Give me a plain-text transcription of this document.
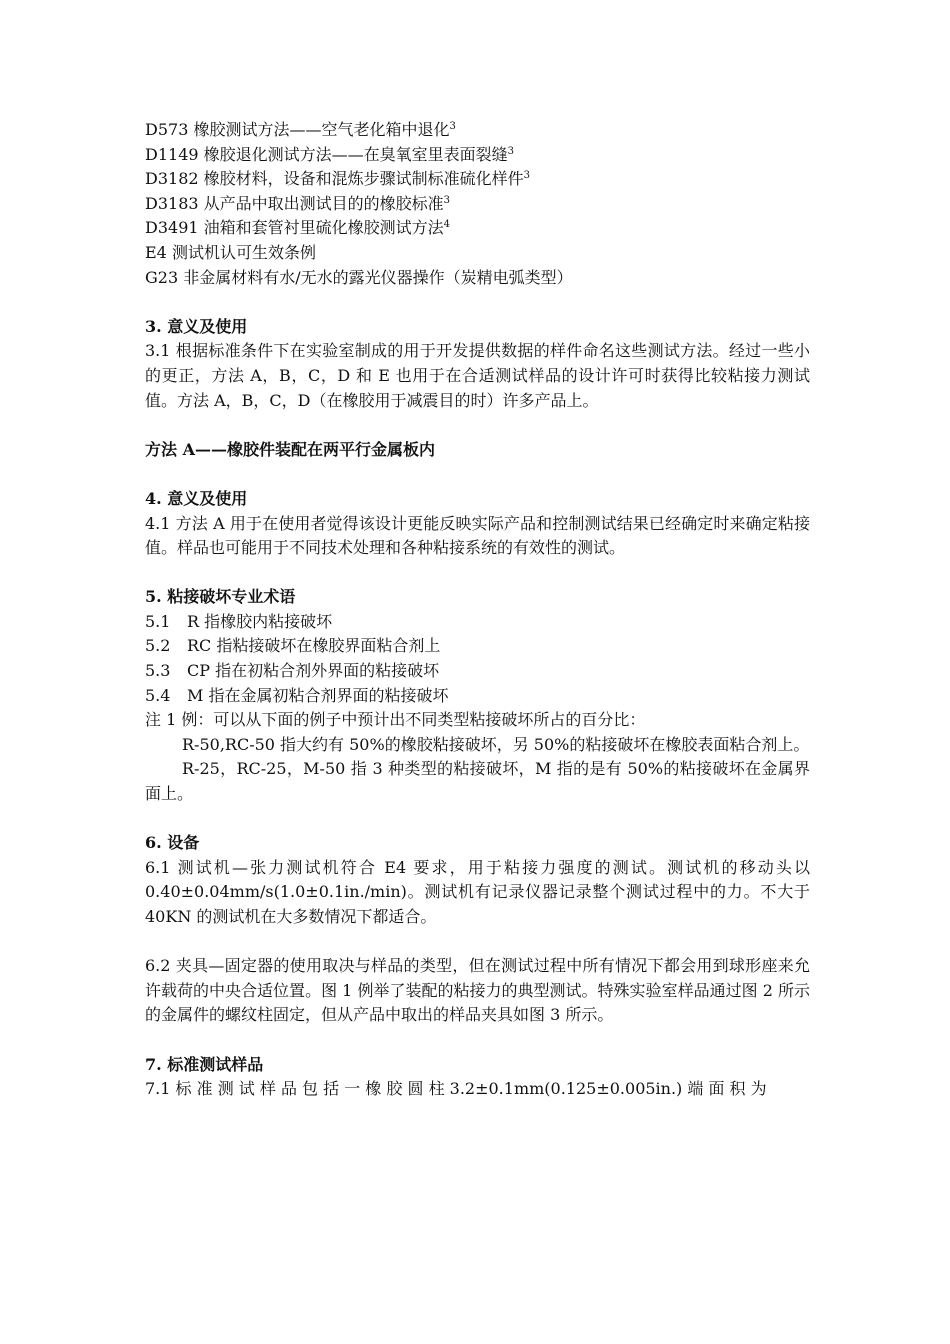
D573 橡胶测试方法——空气老化箱中退化$^3$
D1149 橡胶退化测试方法——在臭氧室里表面裂缝$^3$
D3182 橡胶材料，设备和混炼步骤试制标准硫化样件$^3$
D3183 从产品中取出测试目的的橡胶标准$^3$
D3491 油箱和套管衬里硫化橡胶测试方法$^4$
E4 测试机认可生效条例
G23 非金属材料有水/无水的露光仪器操作（炭精电弧类型）

3. 意义及使用

3.1 根据标准条件下在实验室制成的用于开发提供数据的样件命名这些测试方法。经过一些小的更正，方法 A，B，C，D 和 E 也用于在合适测试样品的设计许可时获得比较粘接力测试值。方法 A，B，C，D（在橡胶用于减震目的时）许多产品上。

方法 A——橡胶件装配在两平行金属板内

4. 意义及使用

4.1 方法 A 用于在使用者觉得该设计更能反映实际产品和控制测试结果已经确定时来确定粘接值。样品也可能用于不同技术处理和各种粘接系统的有效性的测试。

5. 粘接破坏专业术语

5.1 R 指橡胶内粘接破坏
5.2 RC 指粘接破坏在橡胶界面粘合剂上
5.3 CP 指在初粘合剂外界面的粘接破坏
5.4 M 指在金属初粘合剂界面的粘接破坏

注 1 例：可以从下面的例子中预计出不同类型粘接破坏所占的百分比：

R-50,RC-50 指大约有 50%的橡胶粘接破坏，另 50%的粘接破坏在橡胶表面粘合剂上。

R-25，RC-25，M-50 指 3 种类型的粘接破坏，M 指的是有 50%的粘接破坏在金属界面上。

6. 设备

6.1 测试机—张力测试机符合 E4 要求，用于粘接力强度的测试。测试机的移动头以 0.40±0.04mm/s(1.0±0.1in./min)。测试机有记录仪器记录整个测试过程中的力。不大于 40KN 的测试机在大多数情况下都适合。

6.2 夹具—固定器的使用取决与样品的类型，但在测试过程中所有情况下都会用到球形座来允许载荷的中央合适位置。图 1 例举了装配的粘接力的典型测试。特殊实验室样品通过图 2 所示的金属件的螺纹柱固定，但从产品中取出的样品夹具如图 3 所示。

7. 标准测试样品

7.1 标 准 测 试 样 品 包 括 一 橡 胶 圆 柱 3.2±0.1mm(0.125±0.005in.) 端 面 积 为
